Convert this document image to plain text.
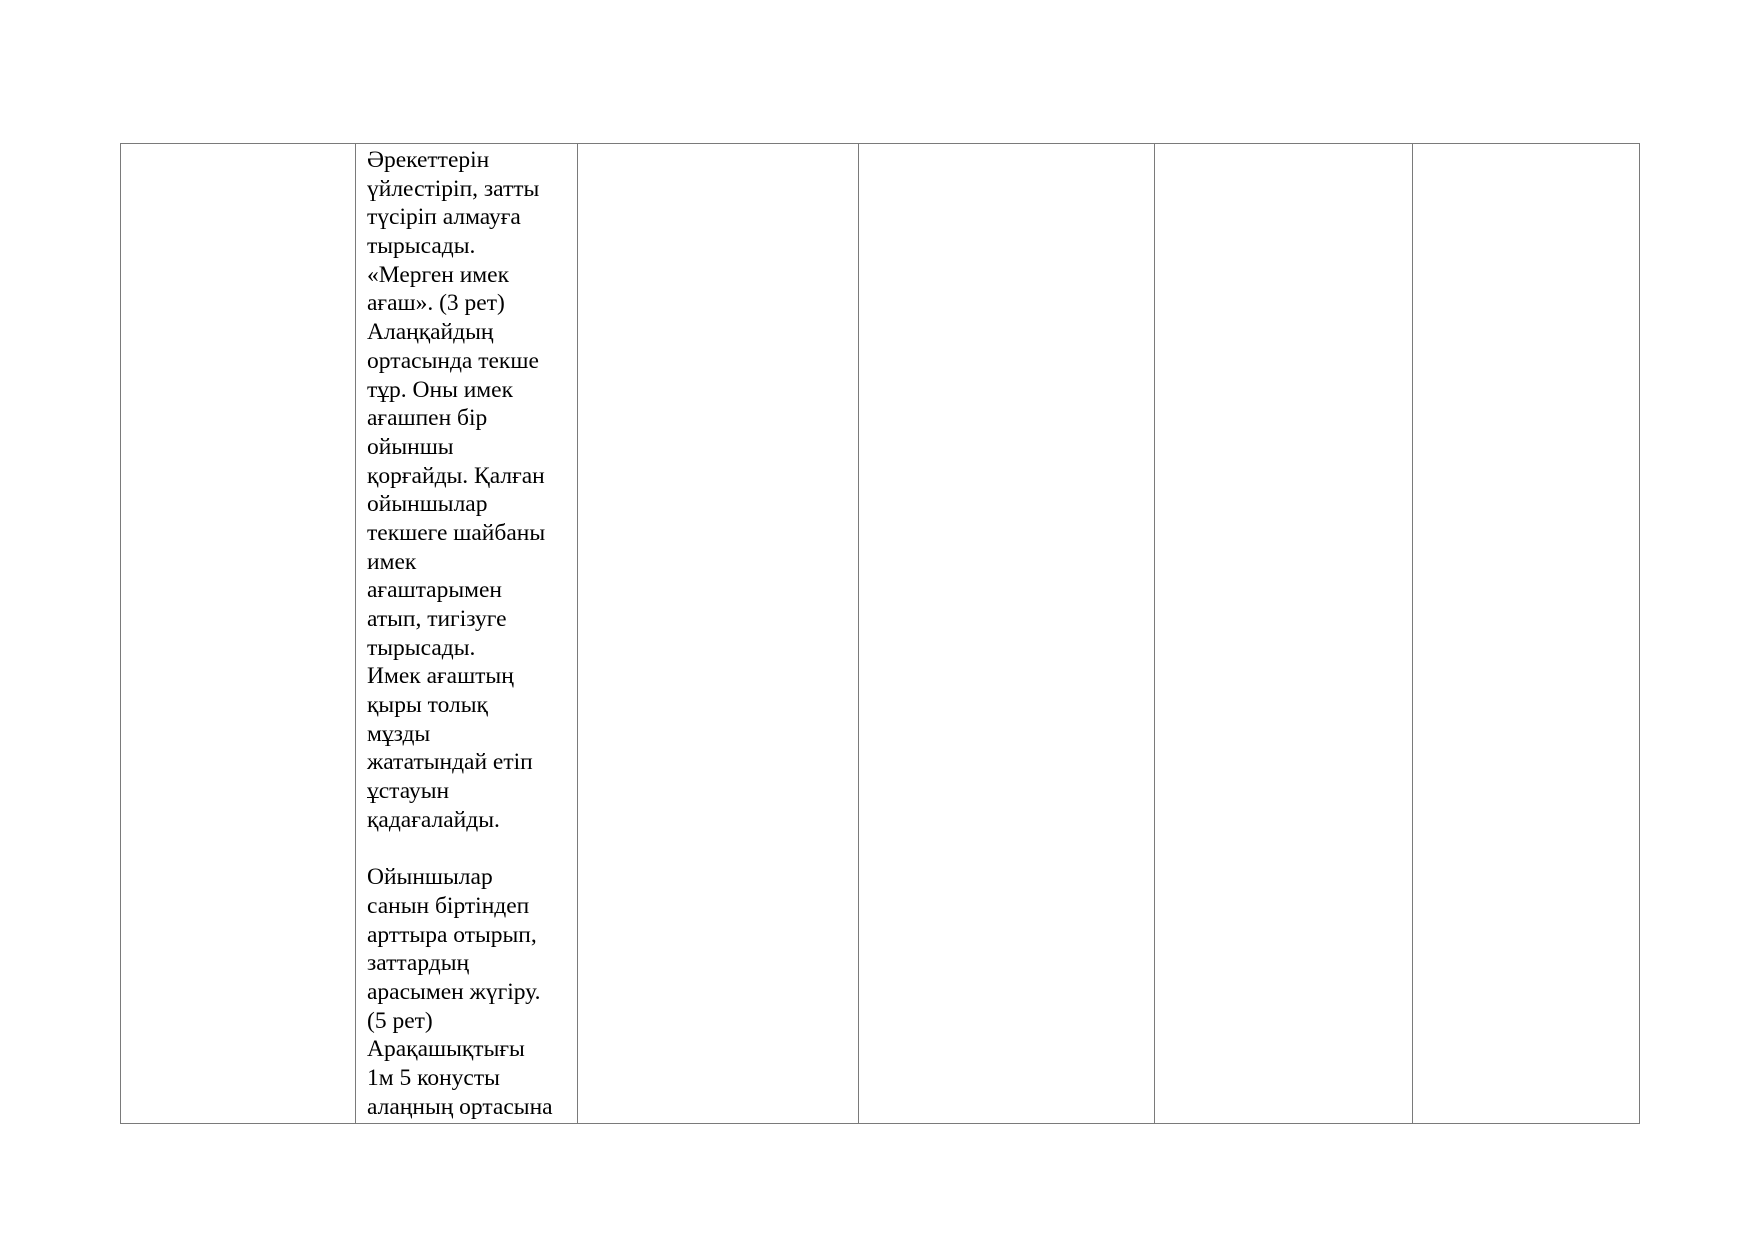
Әрекеттерін
үйлестіріп, затты
түсіріп алмауға
тырысады.
«Мерген имек
ағаш». (3 рет)
Алаңқайдың
ортасында текше
тұр. Оны имек
ағашпен бір
ойыншы
қорғайды. Қалған
ойыншылар
текшеге шайбаны
имек
ағаштарымен
атып, тигізуге
тырысады.
Имек ағаштың
қыры толық
мұзды
жататындай етіп
ұстауын
қадағалайды.
Ойыншылар
санын біртіндеп
арттыра отырып,
заттардың
арасымен жүгіру.
(5 рет)
Арақашықтығы
1м 5 конусты
алаңның ортасына
